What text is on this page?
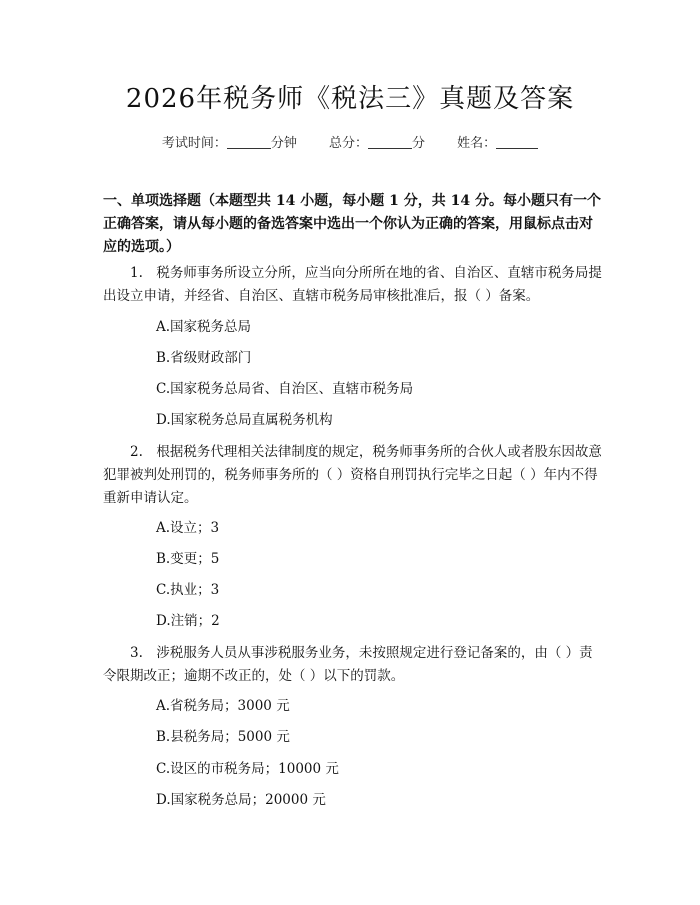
2026年税务师《税法三》真题及答案
考试时间：	分钟 总分：	分 姓名：
一、单项选择题（本题型共 14 小题，每小题 1 分，共 14 分。每小题只有一个正确答案，请从每小题的备选答案中选出一个你认为正确的答案，用鼠标点击对应的选项。）
1.　税务师事务所设立分所，应当向分所所在地的省、自治区、直辖市税务局提出设立申请，并经省、自治区、直辖市税务局审核批准后，报（ ）备案。
A.国家税务总局
B.省级财政部门
C.国家税务总局省、自治区、直辖市税务局
D.国家税务总局直属税务机构
2.　根据税务代理相关法律制度的规定，税务师事务所的合伙人或者股东因故意犯罪被判处刑罚的，税务师事务所的（ ）资格自刑罚执行完毕之日起（ ）年内不得重新申请认定。
A.设立；3
B.变更；5
C.执业；3
D.注销；2
3.　涉税服务人员从事涉税服务业务，未按照规定进行登记备案的，由（ ）责令限期改正；逾期不改正的，处（ ）以下的罚款。
A.省税务局；3000 元
B.县税务局；5000 元
C.设区的市税务局；10000 元
D.国家税务总局；20000 元
